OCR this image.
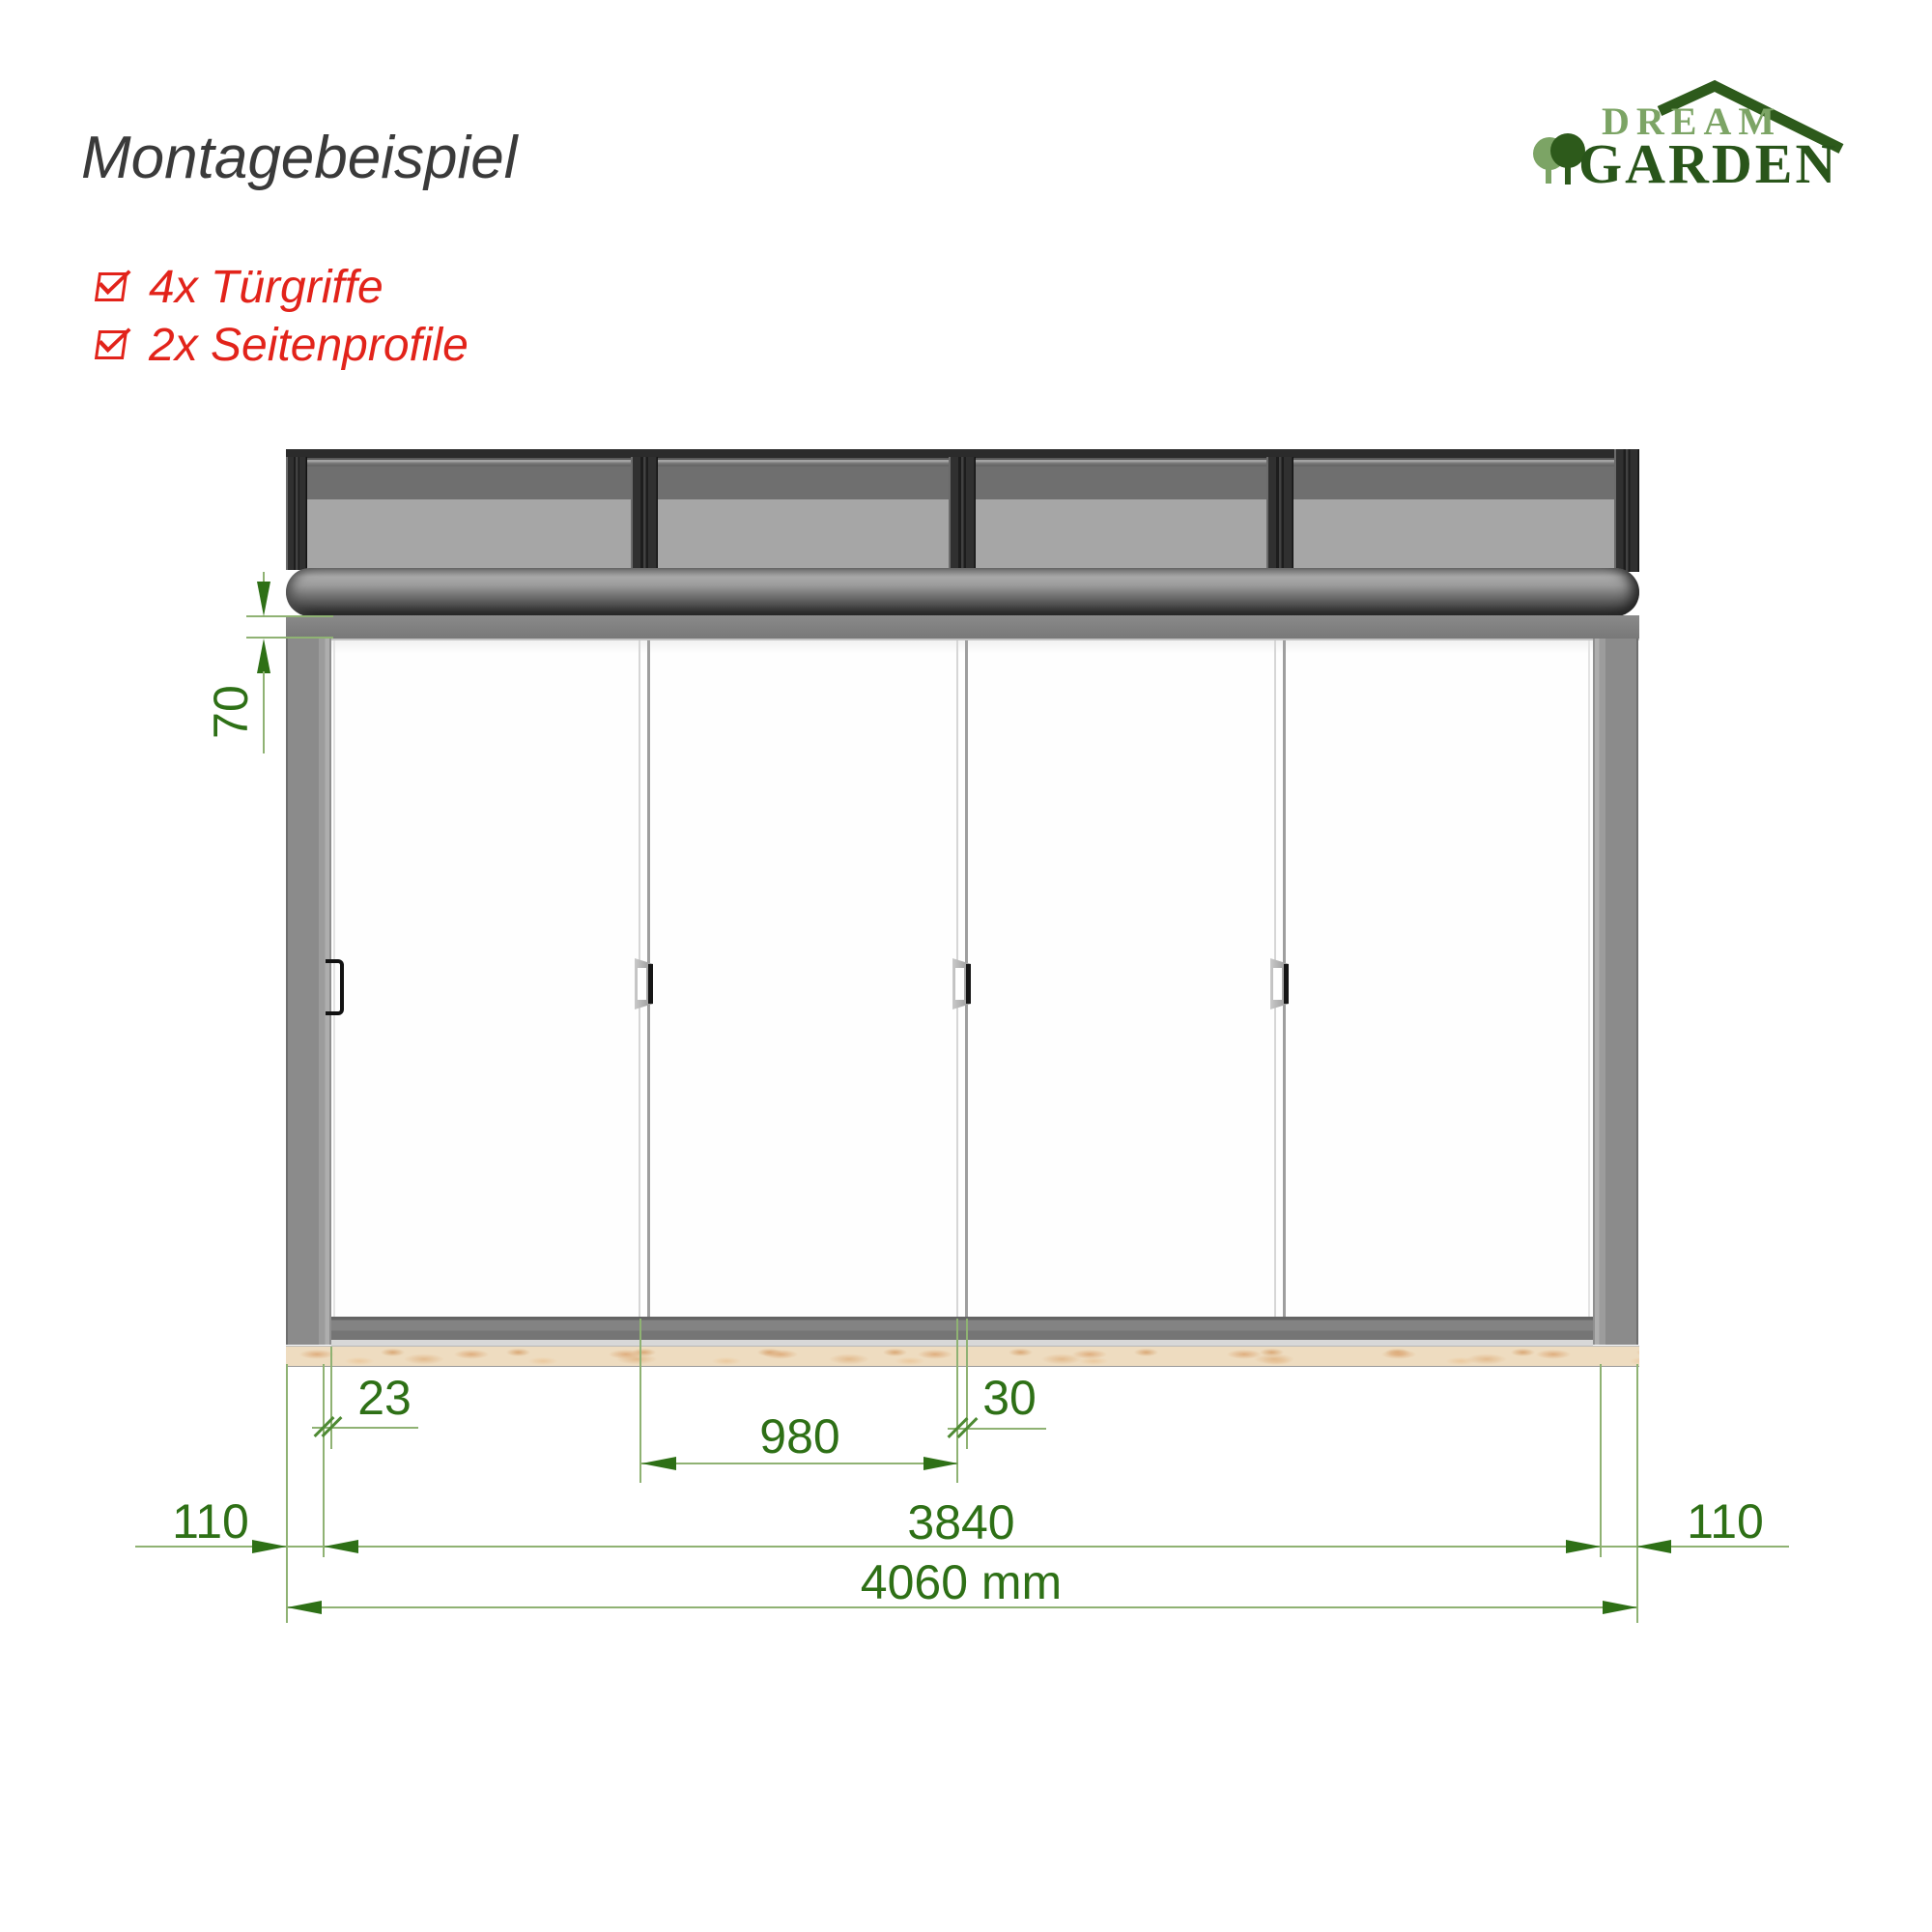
Montagebeispiel
4x Türgriffe
2x Seitenprofile
DREAM
GARDEN
70
23	30
980
110	3840	110
4060 mm
